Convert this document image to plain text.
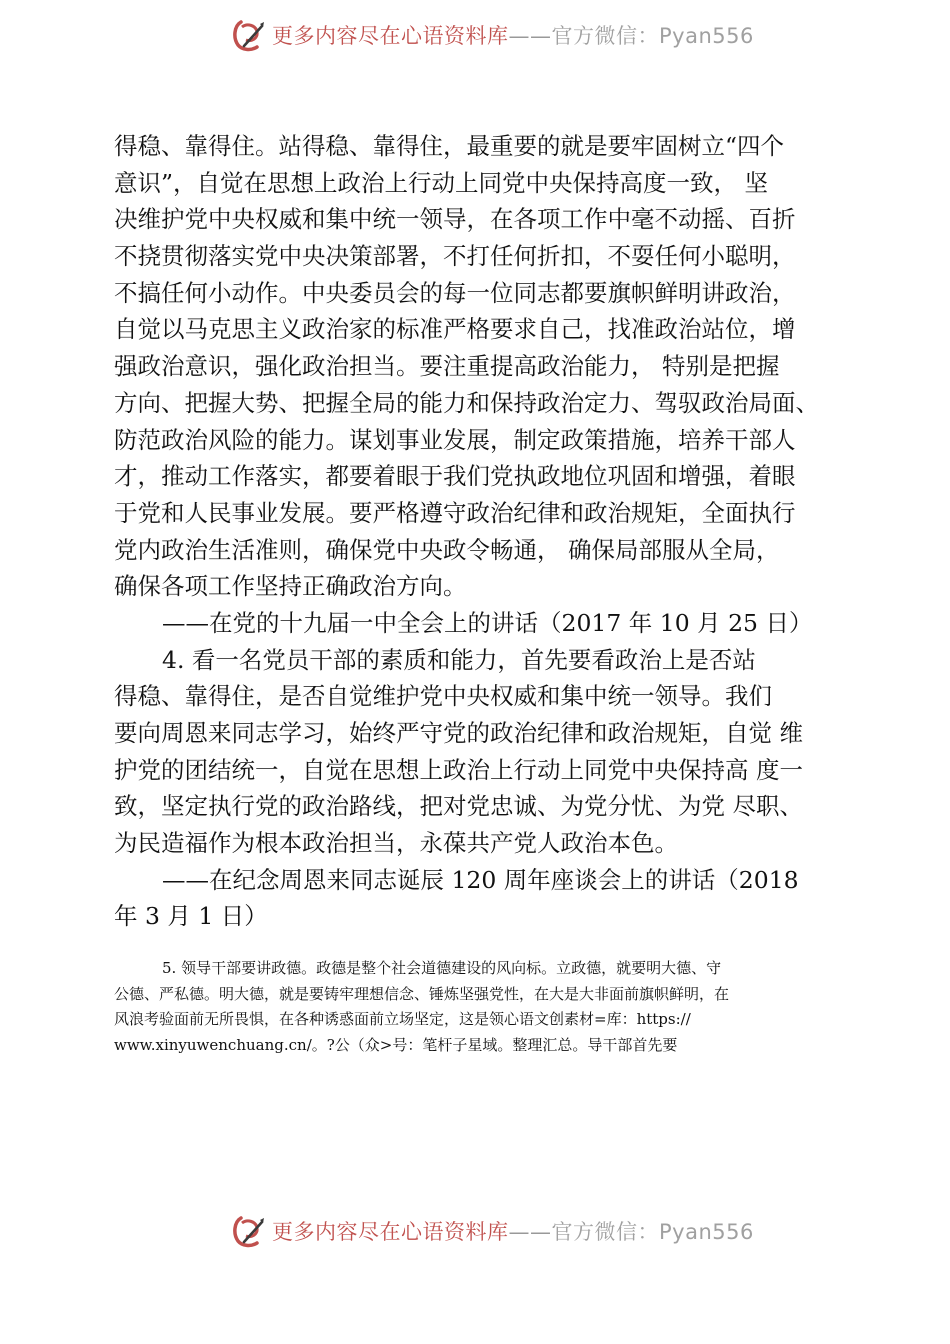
更多内容尽在心语资料库——官方微信：Pyan556
得稳、靠得住。站得稳、靠得住，最重要的就是要牢固树立“四个
意识”，自觉在思想上政治上行动上同党中央保持高度一致， 坚
决维护党中央权威和集中统一领导，在各项工作中毫不动摇、百折
不挠贯彻落实党中央决策部署，不打任何折扣，不耍任何小聪明，
不搞任何小动作。中央委员会的每一位同志都要旗帜鲜明讲政治，
自觉以马克思主义政治家的标准严格要求自己，找准政治站位，增
强政治意识，强化政治担当。要注重提高政治能力， 特别是把握
方向、把握大势、把握全局的能力和保持政治定力、驾驭政治局面、
防范政治风险的能力。谋划事业发展，制定政策措施，培养干部人
才，推动工作落实，都要着眼于我们党执政地位巩固和增强，着眼
于党和人民事业发展。要严格遵守政治纪律和政治规矩，全面执行
党内政治生活准则，确保党中央政令畅通， 确保局部服从全局，
确保各项工作坚持正确政治方向。
——在党的十九届一中全会上的讲话（2017 年 10 月 25 日）
4. 看一名党员干部的素质和能力，首先要看政治上是否站
得稳、靠得住，是否自觉维护党中央权威和集中统一领导。我们
要向周恩来同志学习，始终严守党的政治纪律和政治规矩，自觉 维
护党的团结统一，自觉在思想上政治上行动上同党中央保持高 度一
致，坚定执行党的政治路线，把对党忠诚、为党分忧、为党 尽职、
为民造福作为根本政治担当，永葆共产党人政治本色。
——在纪念周恩来同志诞辰 120 周年座谈会上的讲话（2018
年 3 月 1 日）
5. 领导干部要讲政德。政德是整个社会道德建设的风向标。立政德，就要明大德、守
公德、严私德。明大德，就是要铸牢理想信念、锤炼坚强党性，在大是大非面前旗帜鲜明，在
风浪考验面前无所畏惧，在各种诱惑面前立场坚定，这是领心语文创素材=库：https://
www.xinyuwenchuang.cn/。?公（众>号：笔杆子星域。整理汇总。导干部首先要
更多内容尽在心语资料库——官方微信：Pyan556
